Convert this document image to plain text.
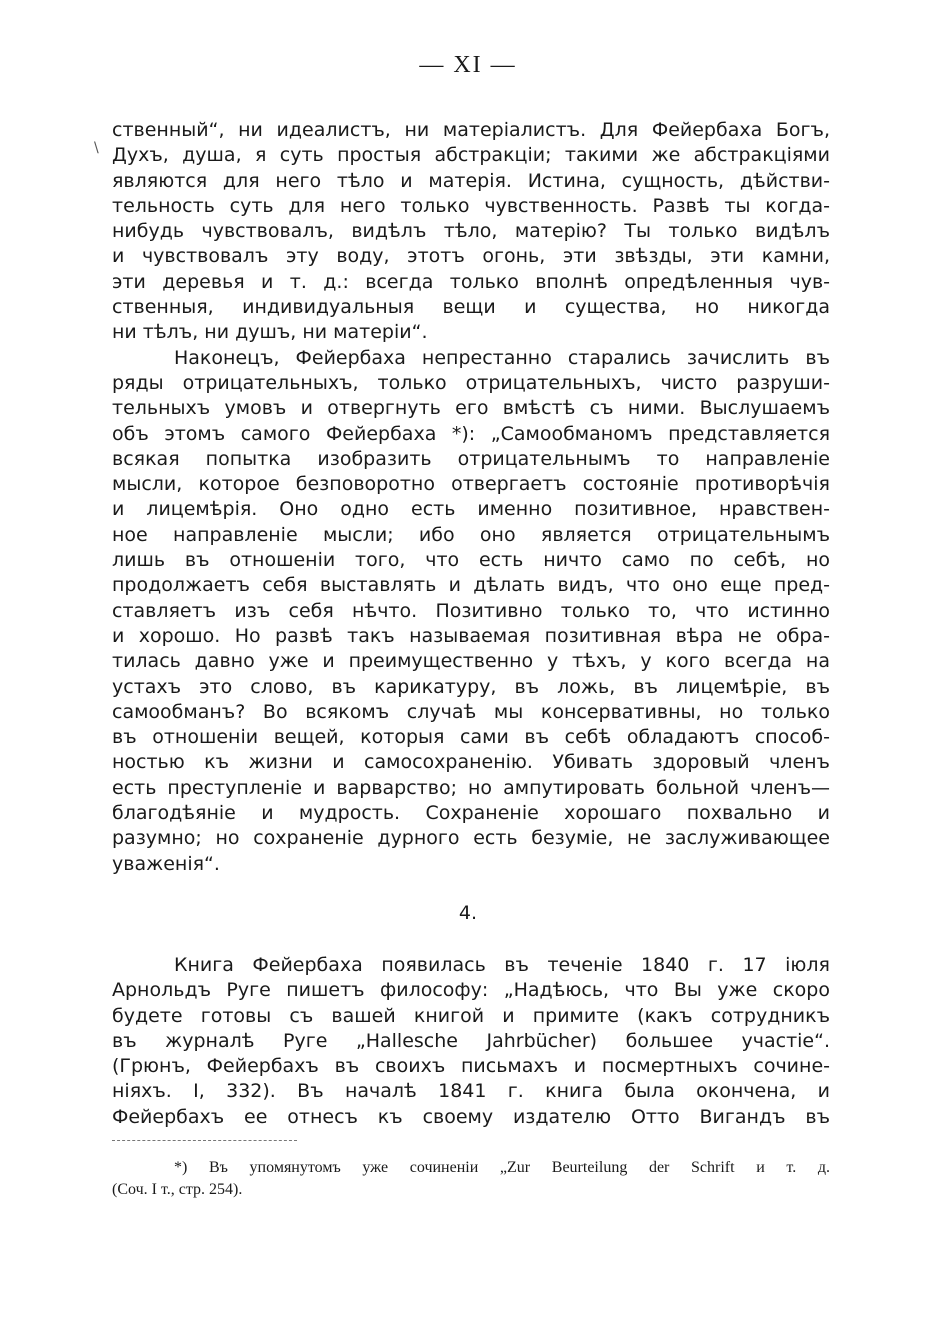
— XI —
\
ственный“, ни идеалистъ, ни матеріалистъ. Для Фейербаха Богъ,
Духъ, душа, я суть простыя абстракціи; такими же абстракціями
являются для него тѣло и матерія. Истина, сущность, дѣйстви-
тельность суть для него только чувственность. Развѣ ты когда-
нибудь чувствовалъ, видѣлъ тѣло, матерію? Ты только видѣлъ
и чувствовалъ эту воду, этотъ огонь, эти звѣзды, эти камни,
эти деревья и т. д.: всегда только вполнѣ опредѣленныя чув-
ственныя, индивидуальныя вещи и существа, но никогда
ни тѣлъ, ни душъ, ни матеріи“.
Наконецъ, Фейербаха непрестанно старались зачислить въ
ряды отрицательныхъ, только отрицательныхъ, чисто разруши-
тельныхъ умовъ и отвергнуть его вмѣстѣ съ ними. Выслушаемъ
объ этомъ самого Фейербаха *): „Самообманомъ представляется
всякая попытка изобразить отрицательнымъ то направленіе
мысли, которое безповоротно отвергаетъ состояніе противорѣчія
и лицемѣрія. Оно одно есть именно позитивное, нравствен-
ное направленіе мысли; ибо оно является отрицательнымъ
лишь въ отношеніи того, что есть ничто само по себѣ, но
продолжаетъ себя выставлять и дѣлать видъ, что оно еще пред-
ставляетъ изъ себя нѣчто. Позитивно только то, что истинно
и хорошо. Но развѣ такъ называемая позитивная вѣра не обра-
тилась давно уже и преимущественно у тѣхъ, у кого всегда на
устахъ это слово, въ карикатуру, въ ложь, въ лицемѣріе, въ
самообманъ? Во всякомъ случаѣ мы консервативны, но только
въ отношеніи вещей, которыя сами въ себѣ обладаютъ способ-
ностью къ жизни и самосохраненію. Убивать здоровый членъ
есть преступленіе и варварство; но ампутировать больной членъ—
благодѣяніе и мудрость. Сохраненіе хорошаго похвально и
разумно; но сохраненіе дурного есть безуміе, не заслуживающее
уваженія“.
4.
Книга Фейербаха появилась въ теченіе 1840 г. 17 іюля
Арнольдъ Руге пишетъ философу: „Надѣюсь, что Вы уже скоро
будете готовы съ вашей книгой и примите (какъ сотрудникъ
въ журналѣ Руге „Hallesche Jahrbücher) большее участіе“.
(Грюнъ, Фейербахъ въ своихъ письмахъ и посмертныхъ сочине-
ніяхъ. I, 332). Въ началѣ 1841 г. книга была окончена, и
Фейербахъ ее отнесъ къ своему издателю Отто Вигандъ въ
*) Въ упомянутомъ уже сочиненіи „Zur Beurteilung der Schrift и т. д.
(Соч. I т., стр. 254).
